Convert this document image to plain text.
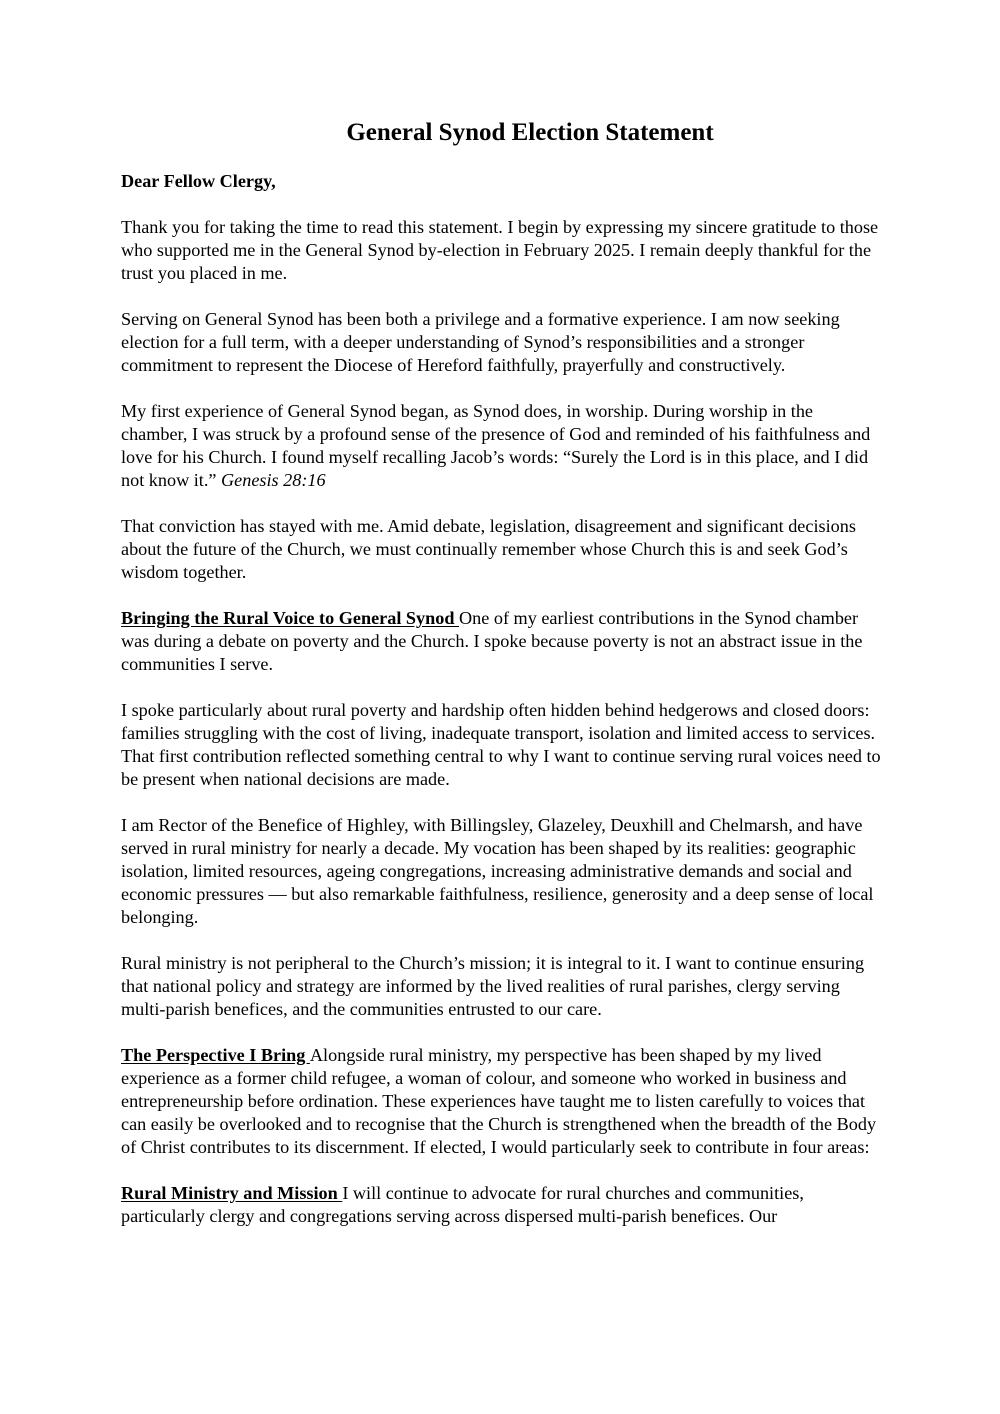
General Synod Election Statement
Dear Fellow Clergy,

Thank you for taking the time to read this statement. I begin by expressing my sincere gratitude to those who supported me in the General Synod by-election in February 2025. I remain deeply thankful for the trust you placed in me.

Serving on General Synod has been both a privilege and a formative experience. I am now seeking election for a full term, with a deeper understanding of Synod’s responsibilities and a stronger commitment to represent the Diocese of Hereford faithfully, prayerfully and constructively.

My first experience of General Synod began, as Synod does, in worship. During worship in the chamber, I was struck by a profound sense of the presence of God and reminded of his faithfulness and love for his Church. I found myself recalling Jacob’s words: “Surely the Lord is in this place, and I did not know it.” Genesis 28:16

That conviction has stayed with me. Amid debate, legislation, disagreement and significant decisions about the future of the Church, we must continually remember whose Church this is and seek God’s wisdom together.

Bringing the Rural Voice to General Synod One of my earliest contributions in the Synod chamber was during a debate on poverty and the Church. I spoke because poverty is not an abstract issue in the communities I serve.

I spoke particularly about rural poverty and hardship often hidden behind hedgerows and closed doors: families struggling with the cost of living, inadequate transport, isolation and limited access to services. That first contribution reflected something central to why I want to continue serving rural voices need to be present when national decisions are made.

I am Rector of the Benefice of Highley, with Billingsley, Glazeley, Deuxhill and Chelmarsh, and have served in rural ministry for nearly a decade. My vocation has been shaped by its realities: geographic isolation, limited resources, ageing congregations, increasing administrative demands and social and economic pressures — but also remarkable faithfulness, resilience, generosity and a deep sense of local belonging.

Rural ministry is not peripheral to the Church’s mission; it is integral to it. I want to continue ensuring that national policy and strategy are informed by the lived realities of rural parishes, clergy serving multi-parish benefices, and the communities entrusted to our care.

The Perspective I Bring Alongside rural ministry, my perspective has been shaped by my lived experience as a former child refugee, a woman of colour, and someone who worked in business and entrepreneurship before ordination. These experiences have taught me to listen carefully to voices that can easily be overlooked and to recognise that the Church is strengthened when the breadth of the Body of Christ contributes to its discernment. If elected, I would particularly seek to contribute in four areas:

Rural Ministry and Mission I will continue to advocate for rural churches and communities, particularly clergy and congregations serving across dispersed multi-parish benefices. Our
